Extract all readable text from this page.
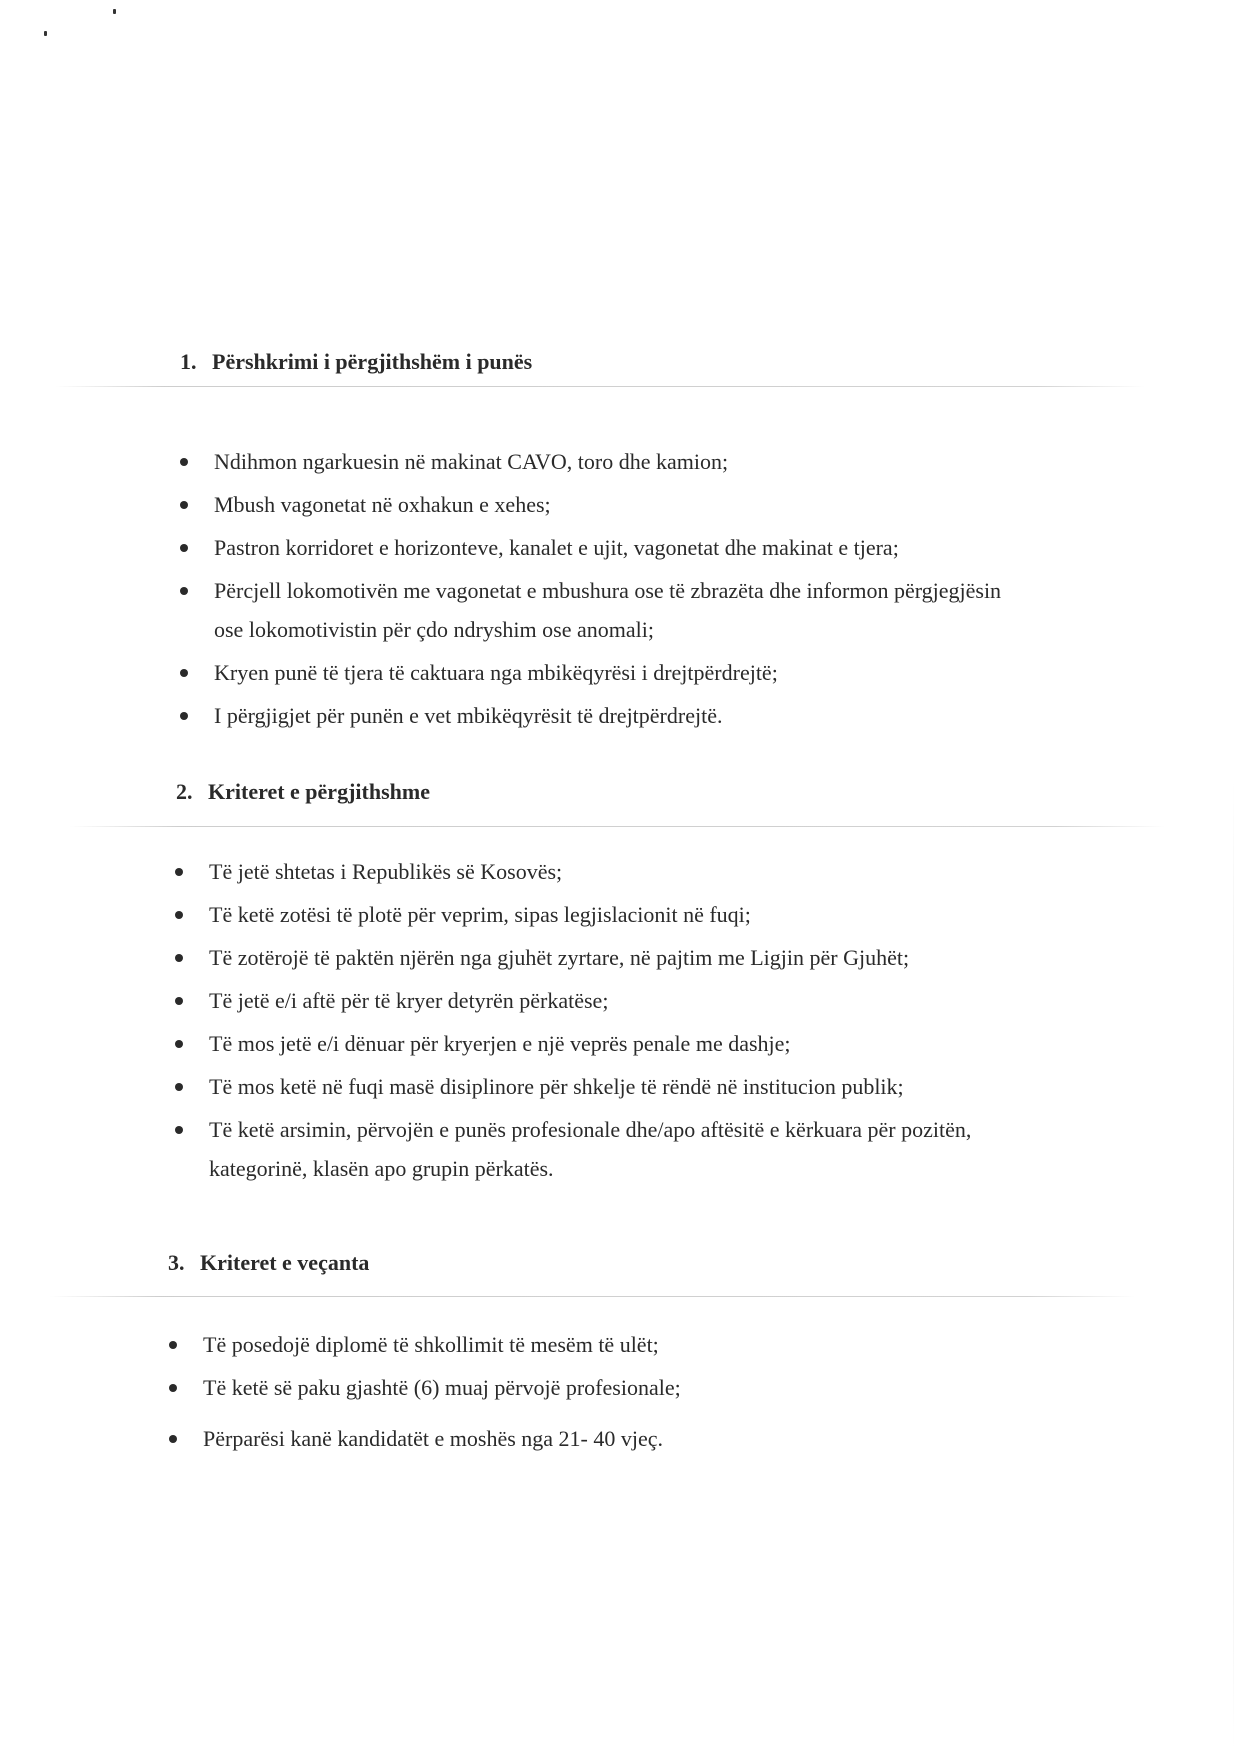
1. Përshkrimi i përgjithshëm i punës
Ndihmon ngarkuesin në makinat CAVO, toro dhe kamion;
Mbush vagonetat në oxhakun e xehes;
Pastron korridoret e horizonteve, kanalet e ujit, vagonetat dhe makinat e tjera;
Përcjell lokomotivën me vagonetat e mbushura ose të zbrazëta dhe informon përgjegjësin
ose lokomotivistin për çdo ndryshim ose anomali;
Kryen punë të tjera të caktuara nga mbikëqyrësi i drejtpërdrejtë;
I përgjigjet për punën e vet mbikëqyrësit të drejtpërdrejtë.
2. Kriteret e përgjithshme
Të jetë shtetas i Republikës së Kosovës;
Të ketë zotësi të plotë për veprim, sipas legjislacionit në fuqi;
Të zotërojë të paktën njërën nga gjuhët zyrtare, në pajtim me Ligjin për Gjuhët;
Të jetë e/i aftë për të kryer detyrën përkatëse;
Të mos jetë e/i dënuar për kryerjen e një veprës penale me dashje;
Të mos ketë në fuqi masë disiplinore për shkelje të rëndë në institucion publik;
Të ketë arsimin, përvojën e punës profesionale dhe/apo aftësitë e kërkuara për pozitën,
kategorinë, klasën apo grupin përkatës.
3. Kriteret e veçanta
Të posedojë diplomë të shkollimit të mesëm të ulët;
Të ketë së paku gjashtë (6) muaj përvojë profesionale;
Përparësi kanë kandidatët e moshës nga 21- 40 vjeç.
